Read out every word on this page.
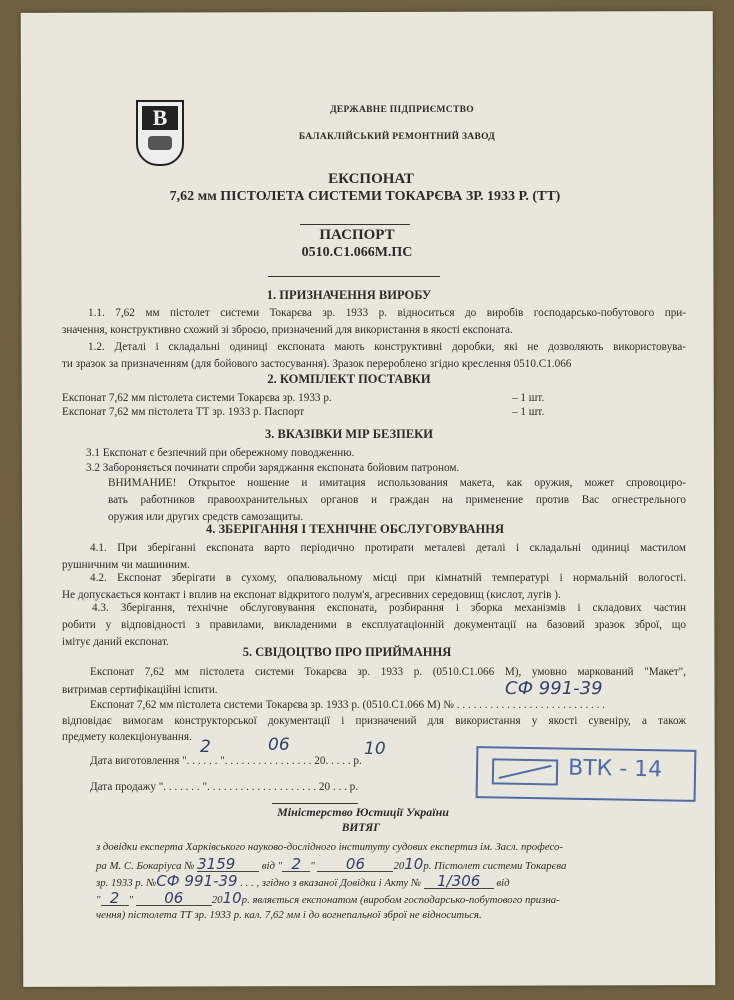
B	ДЕРЖАВНЕ ПІДПРИЄМСТВО
БАЛАКЛІЙСЬКИЙ РЕМОНТНИЙ ЗАВОД
ЕКСПОНАТ
7,62 мм ПІСТОЛЕТА СИСТЕМИ ТОКАРЄВА ЗР. 1933 Р. (ТТ)
ПАСПОРТ
0510.С1.066М.ПС
1. ПРИЗНАЧЕННЯ ВИРОБУ
1.1. 7,62 мм пістолет системи Токарєва зр. 1933 р. відноситься до виробів господарсько-побутового при-
значення, конструктивно схожий зі зброєю, призначений для використання в якості експоната.
1.2. Деталі і складальні одиниці експоната мають конструктивні доробки, які не дозволяють використовува-
ти зразок за призначенням (для бойового застосування). Зразок перероблено згідно креслення 0510.С1.066
2. КОМПЛЕКТ ПОСТАВКИ
Експонат 7,62 мм пістолета системи Токарєва зр. 1933 р.	– 1 шт.
Експонат 7,62 мм пістолета ТТ зр. 1933 р. Паспорт	– 1 шт.
3. ВКАЗІВКИ МІР БЕЗПЕКИ
3.1 Експонат є безпечний при обережному поводженню.
3.2 Забороняється починати спроби заряджання експоната бойовим патроном.
ВНИМАНИЕ! Открытое ношение и имитация использования макета, как оружия, может спровоциро-
вать работников правоохранительных органов и граждан на применение против Вас огнестрельного
оружия или других средств самозащиты.
4. ЗБЕРІГАННЯ І ТЕХНІЧНЕ ОБСЛУГОВУВАННЯ
4.1. При зберіганні експоната варто періодично протирати металеві деталі і складальні одиниці мастилом
рушничним чи машинним.
4.2. Експонат зберігати в сухому, опалювальному місці при кімнатній температурі і нормальній вологості.
Не допускається контакт і вплив на експонат відкритого полум'я, агресивних середовищ (кислот, лугів ).
4.3. Зберігання, технічне обслуговування експоната, розбирання і зборка механізмів і складових частин
робити у відповідності з правилами, викладеними в експлуатаціонній документації на базовий зразок зброї, що
імітує даний експонат.
5. СВІДОЦТВО ПРО ПРИЙМАННЯ
Експонат 7,62 мм пістолета системи Токарєва зр. 1933 р. (0510.С1.066 М), умовно маркований "Макет",
витримав сертифікаційні іспити.
Експонат 7,62 мм пістолета системи Токарєва зр. 1933 р. (0510.С1.066 М) № . . . . . . . . . . . . . . . . . . . . . . . . . . .
СФ 991-39
відповідає вимогам конструкторської документації і призначений для використання у якості сувеніру, а також
предмету колекціонування.
Дата виготовлення ". . . . . . ". . . . . . . . . . . . . . . . 20. . . . . р.
2	06	10
Дата продажу ". . . . . . . ". . . . . . . . . . . . . . . . . . . . 20 . . . р.
ВТК - 14
Міністерство Юстиції України
ВИТЯГ
з довідки експерта Харківського науково-дослідного інституту судових експертиз ім. Засл. професо-
ра М. С. Бокаріуса № 3159 від " 2 " 06	2010р. Пістолет системи Токарєва
зр. 1933 р. №СФ 991-39 . . . , згідно з вказаної Довідки і Акту № 1/306 від
" 2 " 06	2010р. являється експонатом (виробом господарсько-побутового призна-
чення) пістолета ТТ зр. 1933 р. кал. 7,62 мм і до вогнепальної зброї не відноситься.
